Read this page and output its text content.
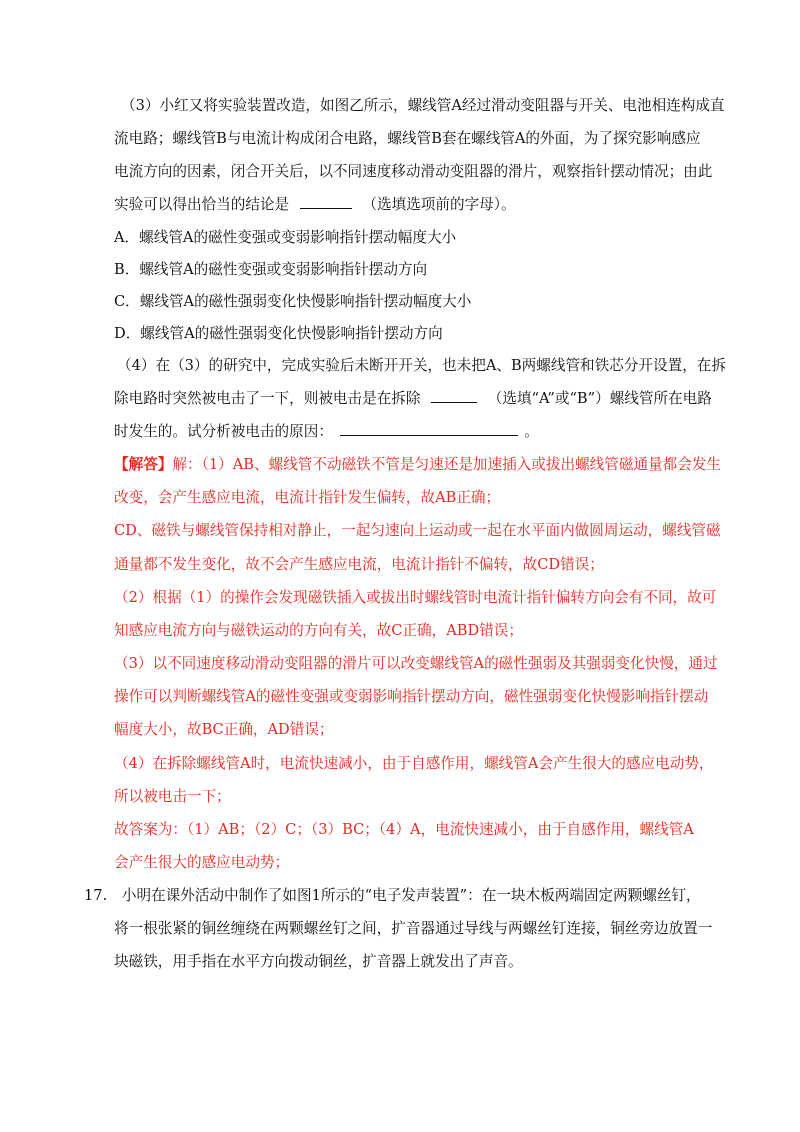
（3）小红又将实验装置改造，如图乙所示，螺线管A经过滑动变阻器与开关、电池相连构成直
流电路；螺线管B与电流计构成闭合电路，螺线管B套在螺线管A的外面，为了探究影响感应
电流方向的因素，闭合开关后，以不同速度移动滑动变阻器的滑片，观察指针摆动情况；由此
实验可以得出恰当的结论是	（选填选项前的字母）。
A．螺线管A的磁性变强或变弱影响指针摆动幅度大小
B．螺线管A的磁性变强或变弱影响指针摆动方向
C．螺线管A的磁性强弱变化快慢影响指针摆动幅度大小
D．螺线管A的磁性强弱变化快慢影响指针摆动方向
（4）在（3）的研究中，完成实验后未断开开关，也未把A、B两螺线管和铁芯分开设置，在拆
除电路时突然被电击了一下，则被电击是在拆除	（选填“A”或“B”）螺线管所在电路
时发生的。试分析被电击的原因：	。
【解答】解：（1）AB、螺线管不动磁铁不管是匀速还是加速插入或拔出螺线管磁通量都会发生
改变，会产生感应电流，电流计指针发生偏转，故AB正确；
CD、磁铁与螺线管保持相对静止，一起匀速向上运动或一起在水平面内做圆周运动，螺线管磁
通量都不发生变化，故不会产生感应电流，电流计指针不偏转，故CD错误；
（2）根据（1）的操作会发现磁铁插入或拔出时螺线管时电流计指针偏转方向会有不同，故可
知感应电流方向与磁铁运动的方向有关，故C正确，ABD错误；
（3）以不同速度移动滑动变阻器的滑片可以改变螺线管A的磁性强弱及其强弱变化快慢，通过
操作可以判断螺线管A的磁性变强或变弱影响指针摆动方向，磁性强弱变化快慢影响指针摆动
幅度大小，故BC正确，AD错误；
（4）在拆除螺线管A时，电流快速减小，由于自感作用，螺线管A会产生很大的感应电动势，
所以被电击一下；
故答案为：（1）AB；（2）C；（3）BC；（4）A，电流快速减小，由于自感作用，螺线管A
会产生很大的感应电动势；
17. 小明在课外活动中制作了如图1所示的“电子发声装置”：在一块木板两端固定两颗螺丝钉，
将一根张紧的铜丝缠绕在两颗螺丝钉之间，扩音器通过导线与两螺丝钉连接，铜丝旁边放置一
块磁铁，用手指在水平方向拨动铜丝，扩音器上就发出了声音。
